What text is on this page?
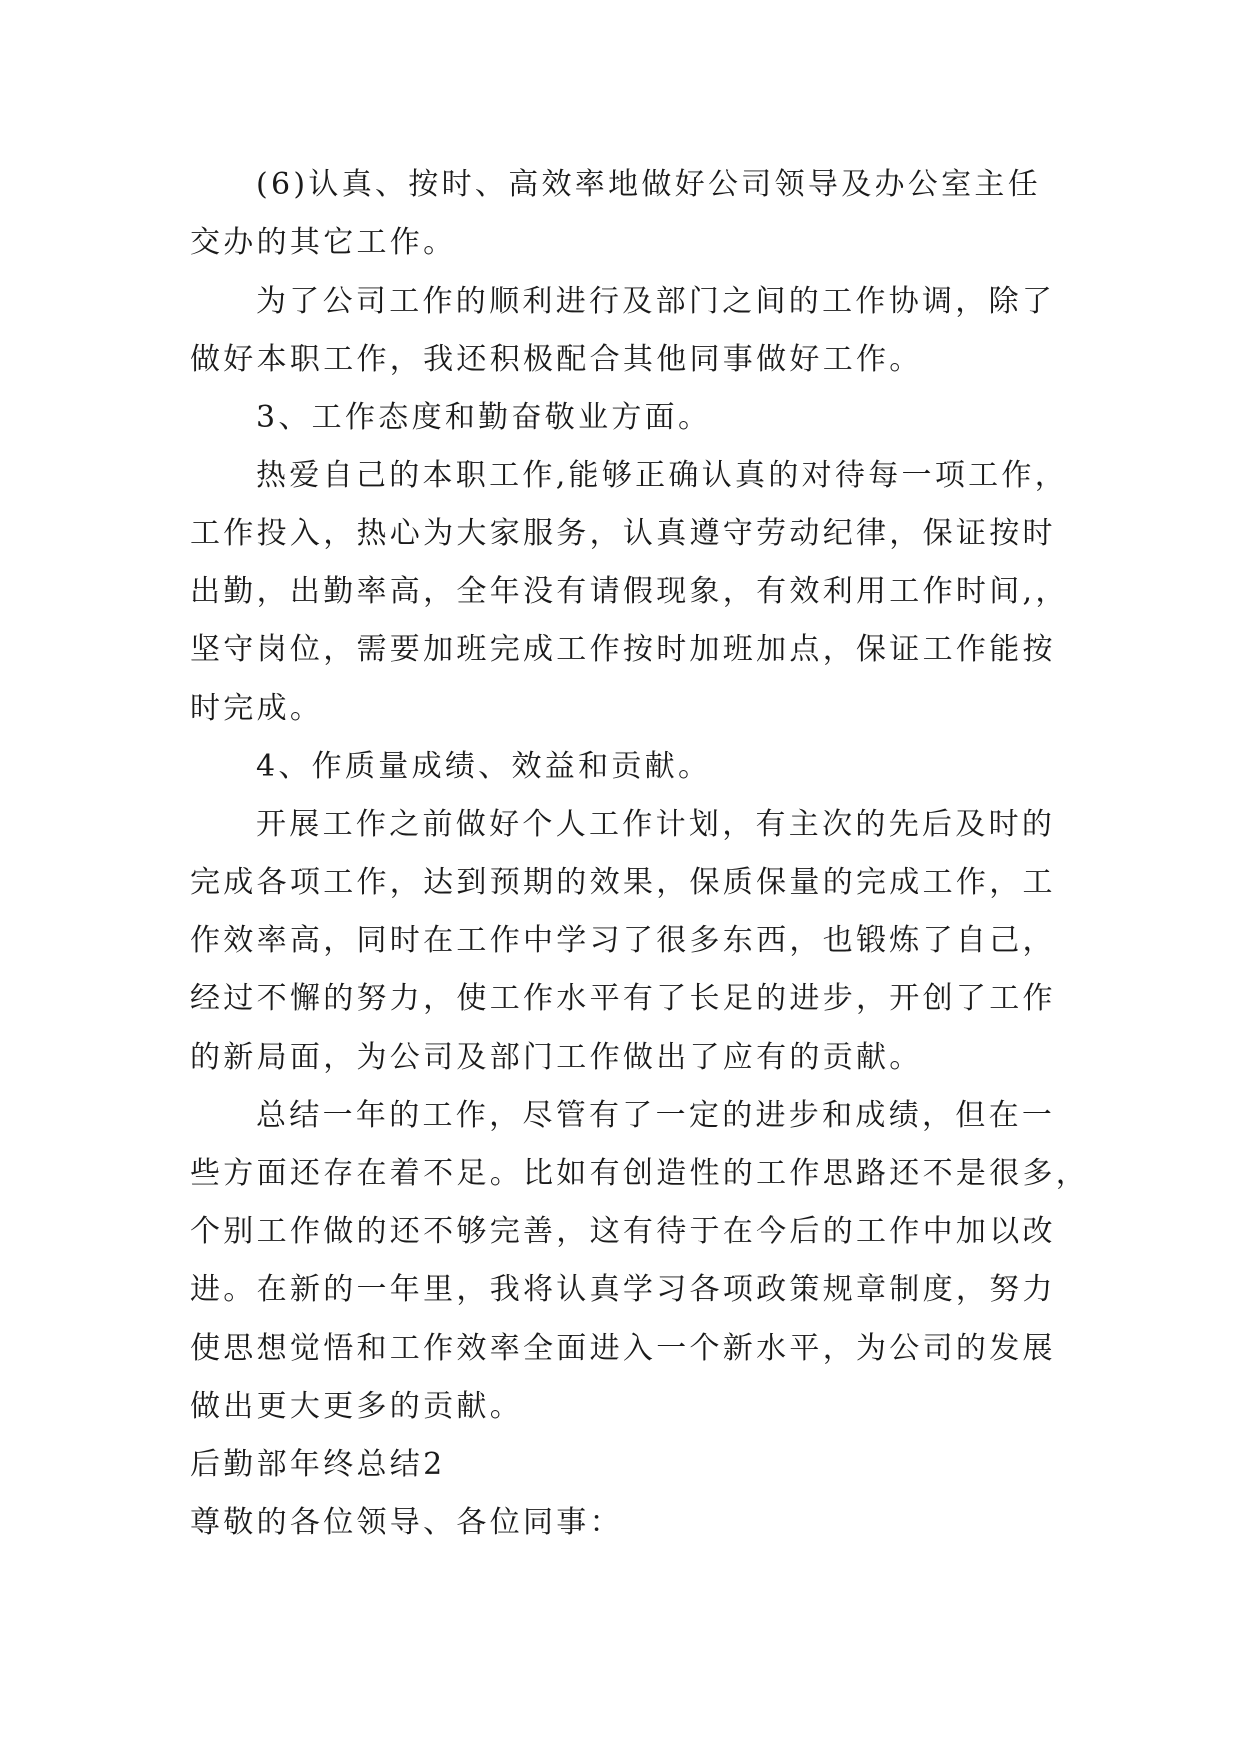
(6)认真、按时、高效率地做好公司领导及办公室主任

交办的其它工作。

为了公司工作的顺利进行及部门之间的工作协调，除了

做好本职工作，我还积极配合其他同事做好工作。

3、工作态度和勤奋敬业方面。

热爱自己的本职工作,能够正确认真的对待每一项工作，

工作投入，热心为大家服务，认真遵守劳动纪律，保证按时

出勤，出勤率高，全年没有请假现象，有效利用工作时间,，

坚守岗位，需要加班完成工作按时加班加点，保证工作能按

时完成。

4、作质量成绩、效益和贡献。

开展工作之前做好个人工作计划，有主次的先后及时的

完成各项工作，达到预期的效果，保质保量的完成工作，工

作效率高，同时在工作中学习了很多东西，也锻炼了自己，

经过不懈的努力，使工作水平有了长足的进步，开创了工作

的新局面，为公司及部门工作做出了应有的贡献。

总结一年的工作，尽管有了一定的进步和成绩，但在一

些方面还存在着不足。比如有创造性的工作思路还不是很多，

个别工作做的还不够完善，这有待于在今后的工作中加以改

进。在新的一年里，我将认真学习各项政策规章制度，努力

使思想觉悟和工作效率全面进入一个新水平，为公司的发展

做出更大更多的贡献。

后勤部年终总结2

尊敬的各位领导、各位同事：
